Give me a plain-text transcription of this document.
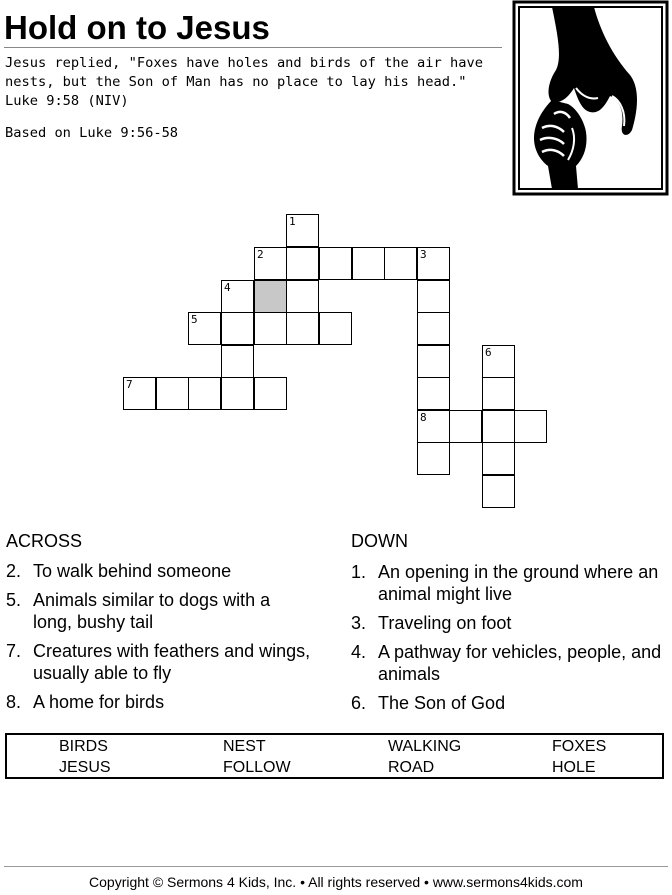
Hold on to Jesus
Jesus replied, "Foxes have holes and birds of the air have
nests, but the Son of Man has no place to lay his head."
Luke 9:58 (NIV)
Based on Luke 9:56-58
1
2	3
4
5
6
7
8
ACROSS
2. To walk behind someone
5. Animals similar to dogs with a long, bushy tail
7. Creatures with feathers and wings, usually able to fly
8. A home for birds
DOWN
1. An opening in the ground where an animal might live
3. Traveling on foot
4. A pathway for vehicles, people, and animals
6. The Son of God
BIRDS	NEST	WALKING	FOXES
JESUS	FOLLOW	ROAD	HOLE
Copyright © Sermons 4 Kids, Inc. • All rights reserved • www.sermons4kids.com
